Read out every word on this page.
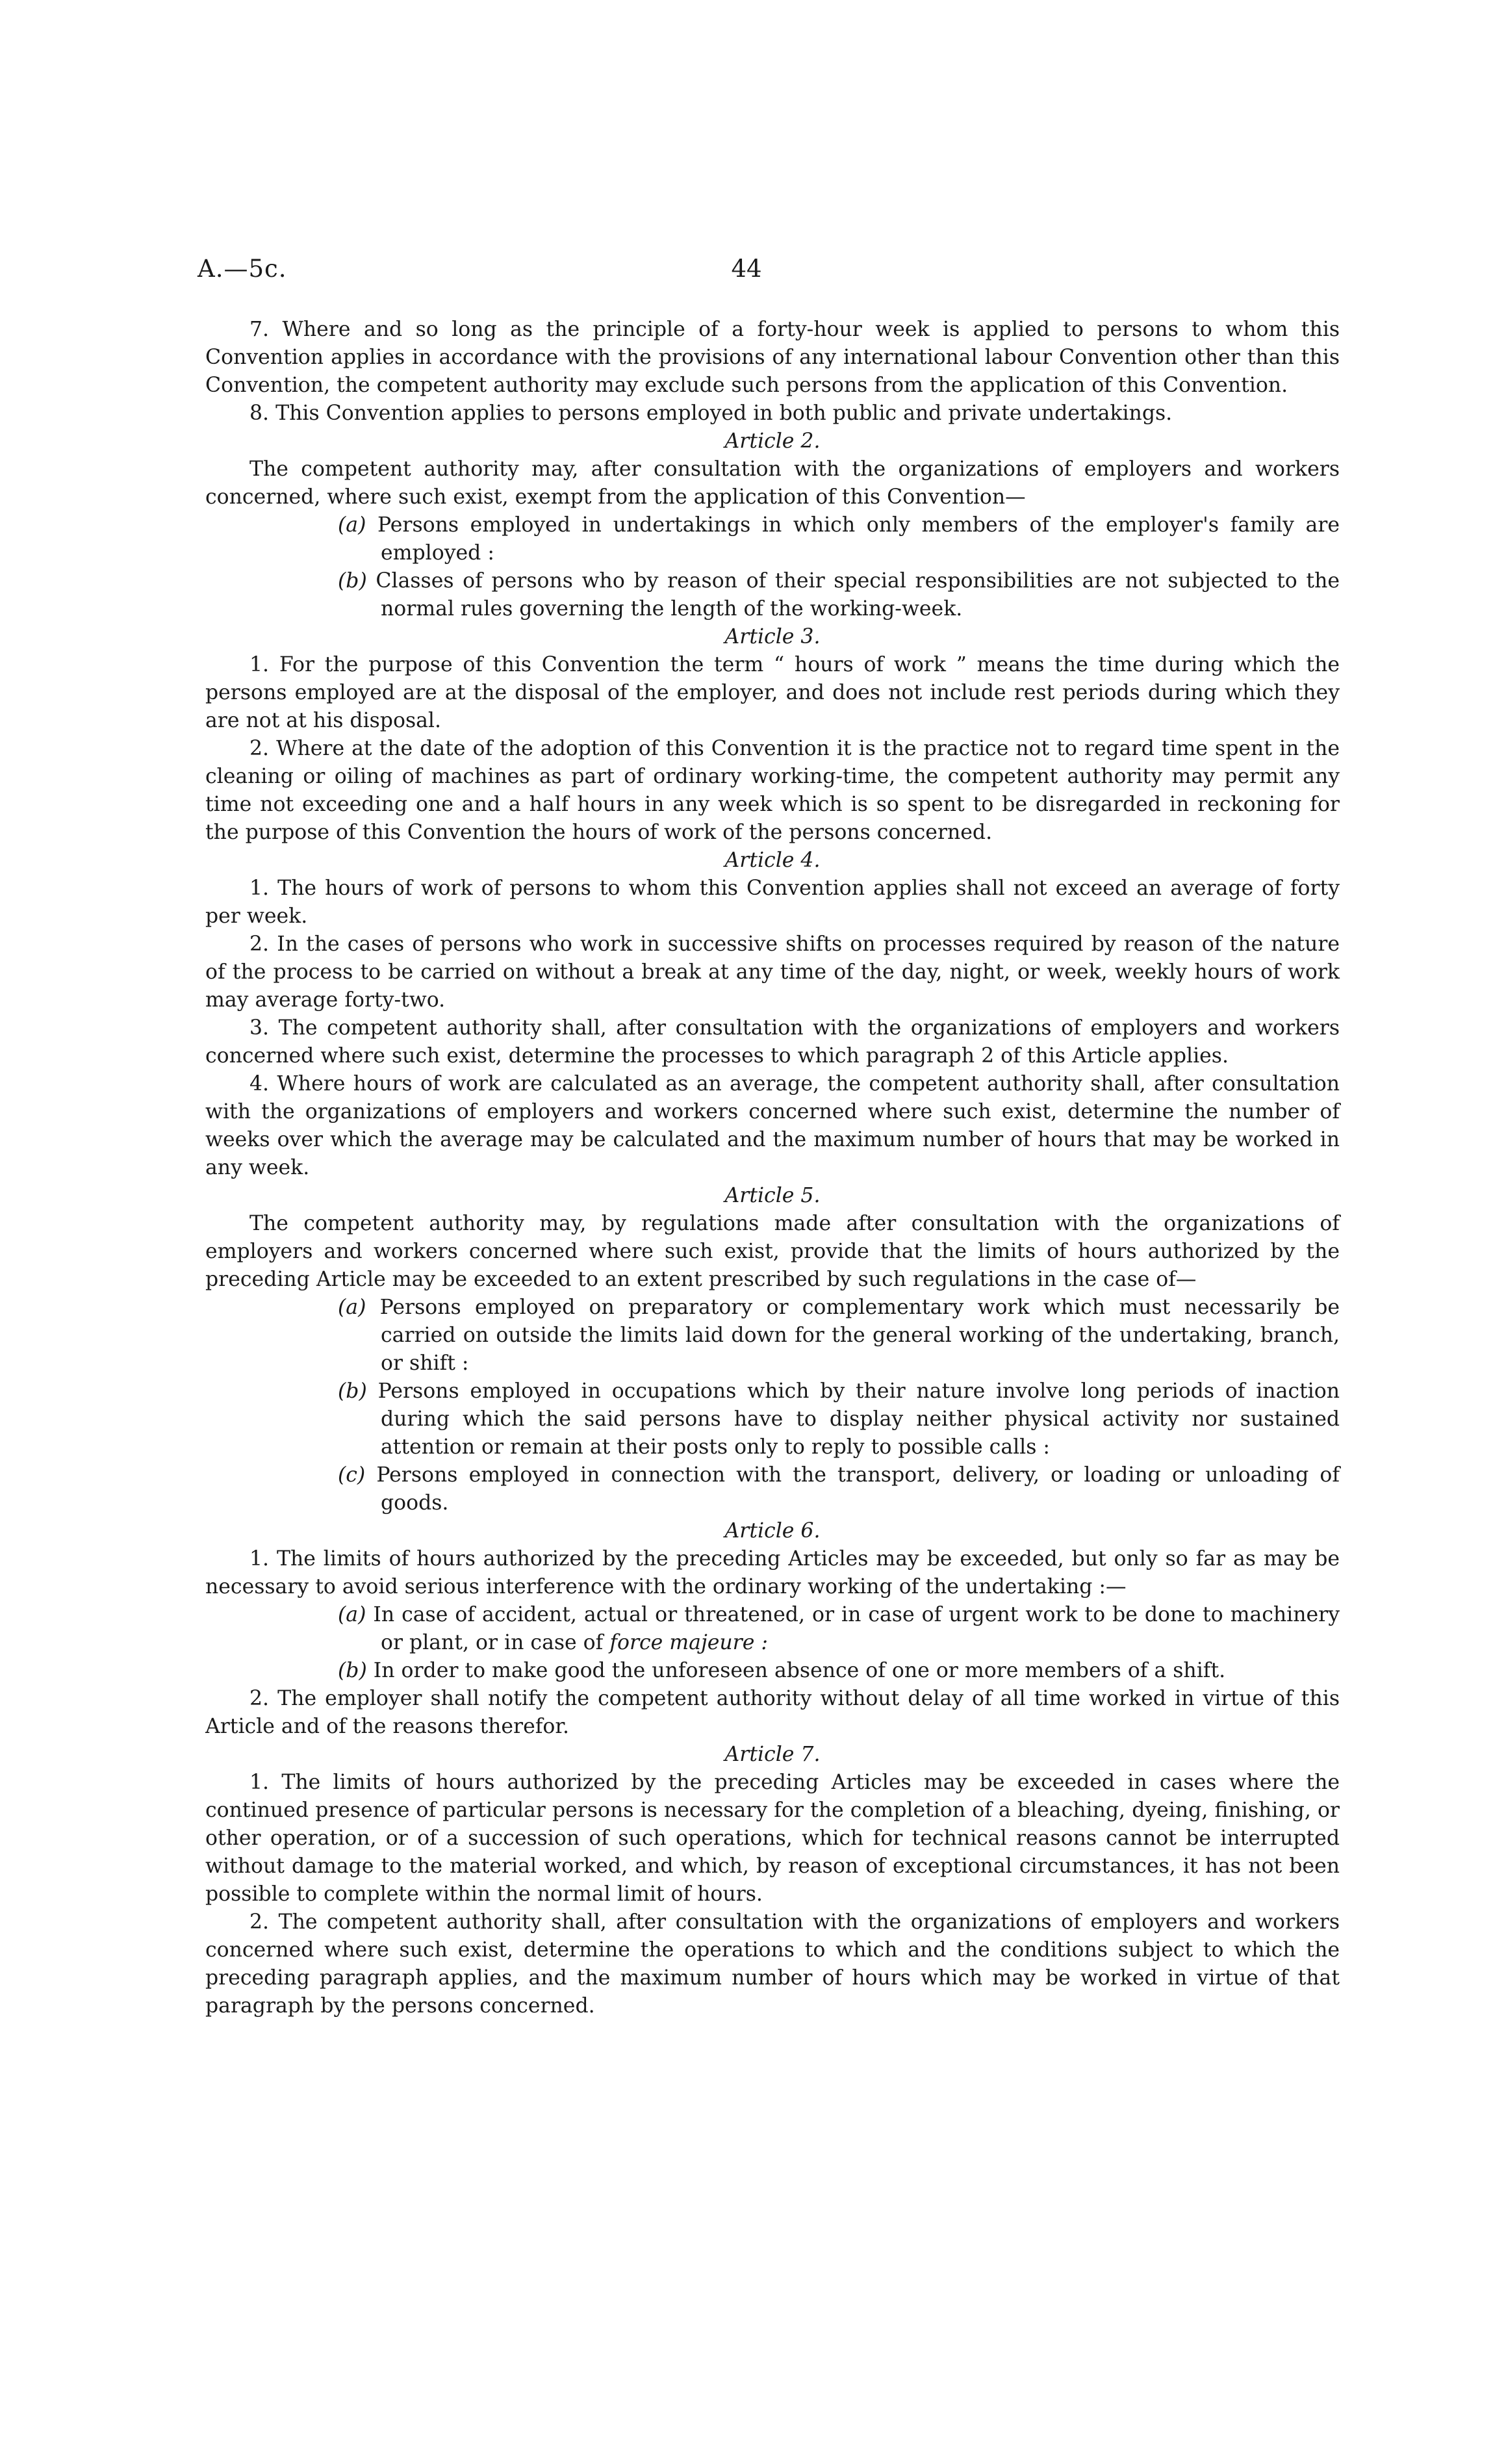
A.—5c.	44

7. Where and so long as the principle of a forty-hour week is applied to persons to whom this Convention applies in accordance with the provisions of any international labour Convention other than this Convention, the competent authority may exclude such persons from the application of this Convention.

8. This Convention applies to persons employed in both public and private undertakings.

Article 2.

The competent authority may, after consultation with the organizations of employers and workers concerned, where such exist, exempt from the application of this Convention—

(a) Persons employed in undertakings in which only members of the employer's family are employed :

(b) Classes of persons who by reason of their special responsibilities are not subjected to the normal rules governing the length of the working-week.

Article 3.

1. For the purpose of this Convention the term “ hours of work ” means the time during which the persons employed are at the disposal of the employer, and does not include rest periods during which they are not at his disposal.

2. Where at the date of the adoption of this Convention it is the practice not to regard time spent in the cleaning or oiling of machines as part of ordinary working-time, the competent authority may permit any time not exceeding one and a half hours in any week which is so spent to be disregarded in reckoning for the purpose of this Convention the hours of work of the persons concerned.

Article 4.

1. The hours of work of persons to whom this Convention applies shall not exceed an average of forty per week.

2. In the cases of persons who work in successive shifts on processes required by reason of the nature of the process to be carried on without a break at any time of the day, night, or week, weekly hours of work may average forty-two.

3. The competent authority shall, after consultation with the organizations of employers and workers concerned where such exist, determine the processes to which paragraph 2 of this Article applies.

4. Where hours of work are calculated as an average, the competent authority shall, after consultation with the organizations of employers and workers concerned where such exist, determine the number of weeks over which the average may be calculated and the maximum number of hours that may be worked in any week.

Article 5.

The competent authority may, by regulations made after consultation with the organizations of employers and workers concerned where such exist, provide that the limits of hours authorized by the preceding Article may be exceeded to an extent prescribed by such regulations in the case of—

(a) Persons employed on preparatory or complementary work which must necessarily be carried on outside the limits laid down for the general working of the undertaking, branch, or shift :

(b) Persons employed in occupations which by their nature involve long periods of inaction during which the said persons have to display neither physical activity nor sustained attention or remain at their posts only to reply to possible calls :

(c) Persons employed in connection with the transport, delivery, or loading or unloading of goods.

Article 6.

1. The limits of hours authorized by the preceding Articles may be exceeded, but only so far as may be necessary to avoid serious interference with the ordinary working of the undertaking :—

(a) In case of accident, actual or threatened, or in case of urgent work to be done to machinery or plant, or in case of force majeure :

(b) In order to make good the unforeseen absence of one or more members of a shift.

2. The employer shall notify the competent authority without delay of all time worked in virtue of this Article and of the reasons therefor.

Article 7.

1. The limits of hours authorized by the preceding Articles may be exceeded in cases where the continued presence of particular persons is necessary for the completion of a bleaching, dyeing, finishing, or other operation, or of a succession of such operations, which for technical reasons cannot be interrupted without damage to the material worked, and which, by reason of exceptional circumstances, it has not been possible to complete within the normal limit of hours.

2. The competent authority shall, after consultation with the organizations of employers and workers concerned where such exist, determine the operations to which and the conditions subject to which the preceding paragraph applies, and the maximum number of hours which may be worked in virtue of that paragraph by the persons concerned.
